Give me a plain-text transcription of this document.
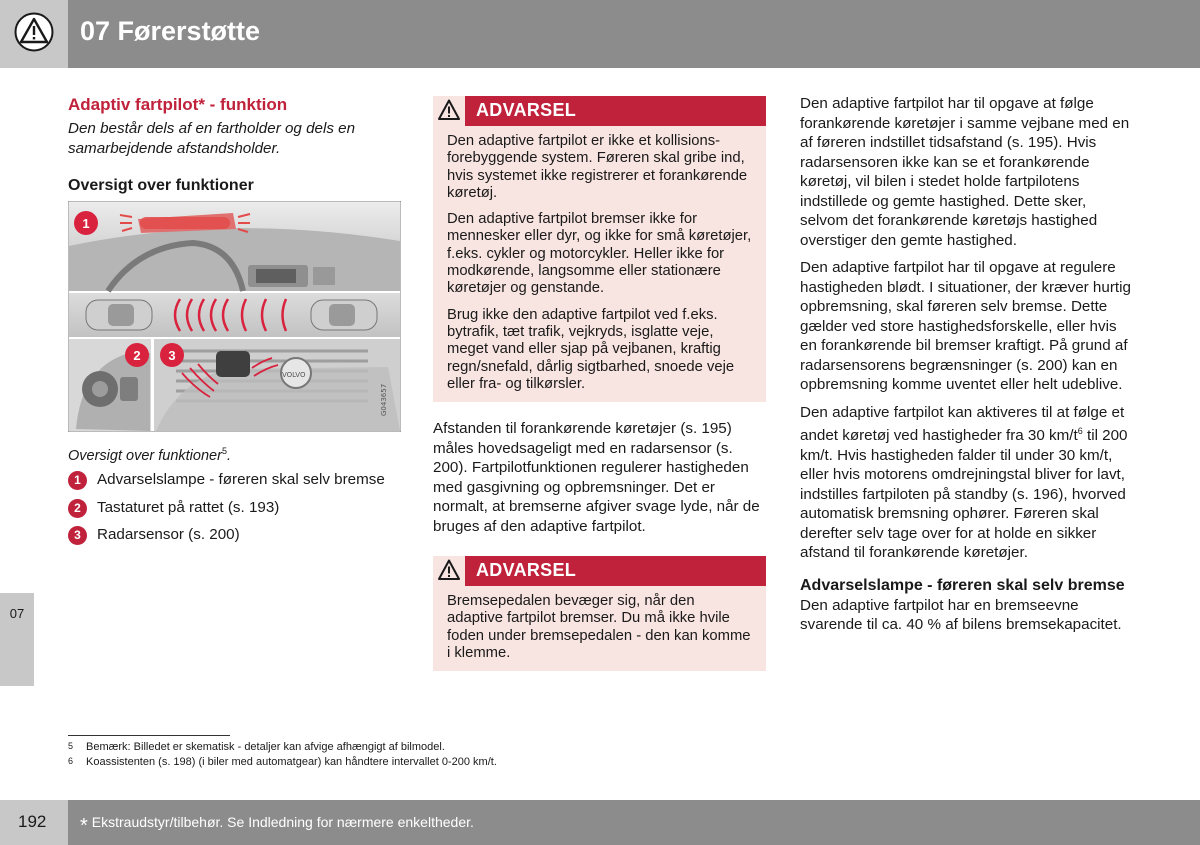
07 Førerstøtte
07
Adaptiv fartpilot* - funktion

Den består dels af en fartholder og dels en samarbejdende afstandsholder.

Oversigt over funktioner
VOLVO
G043657
1
2 3

Oversigt over funktioner$^5$.

1	Advarselslampe - føreren skal selv bremse
2	Tastaturet på rattet (s. 193)
3	Radarsensor (s. 200)
ADVARSEL

Den adaptive fartpilot er ikke et kollisionsforebyggende system. Føreren skal gribe ind, hvis systemet ikke registrerer et forankørende køretøj.

Den adaptive fartpilot bremser ikke for mennesker eller dyr, og ikke for små køretøjer, f.eks. cykler og motorcykler. Heller ikke for modkørende, langsomme eller stationære køretøjer og genstande.

Brug ikke den adaptive fartpilot ved f.eks. bytrafik, tæt trafik, vejkryds, isglatte veje, meget vand eller sjap på vejbanen, kraftig regn/snefald, dårlig sigtbarhed, snoede veje eller fra- og tilkørsler.

Afstanden til forankørende køretøjer (s. 195) måles hovedsageligt med en radarsensor (s. 200). Fartpilotfunktionen regulerer hastigheden med gasgivning og opbremsninger. Det er normalt, at bremserne afgiver svage lyde, når de bruges af den adaptive fartpilot.

ADVARSEL

Bremsepedalen bevæger sig, når den adaptive fartpilot bremser. Du må ikke hvile foden under bremsepedalen - den kan komme i klemme.

Den adaptive fartpilot har til opgave at følge forankørende køretøjer i samme vejbane med en af føreren indstillet tidsafstand (s. 195). Hvis radarsensoren ikke kan se et forankørende køretøj, vil bilen i stedet holde fartpilotens indstillede og gemte hastighed. Dette sker, selvom det forankørende køretøjs hastighed overstiger den gemte hastighed.

Den adaptive fartpilot har til opgave at regulere hastigheden blødt. I situationer, der kræver hurtig opbremsning, skal føreren selv bremse. Dette gælder ved store hastighedsforskelle, eller hvis en forankørende bil bremser kraftigt. På grund af radarsensorens begrænsninger (s. 200) kan en opbremsning komme uventet eller helt udeblive.

Den adaptive fartpilot kan aktiveres til at følge et andet køretøj ved hastigheder fra 30 $km/t^6$ til 200 km/t. Hvis hastigheden falder til under 30 km/t, eller hvis motorens omdrejningstal bliver for lavt, indstilles fartpiloten på standby (s. 196), hvorved automatisk bremsning ophører. Føreren skal derefter selv tage over for at holde en sikker afstand til forankørende køretøjer.

Advarselslampe - føreren skal selv bremse

Den adaptive fartpilot har en bremseevne svarende til ca. 40 % af bilens bremsekapacitet.

5 Bemærk: Billedet er skematisk - detaljer kan afvige afhængigt af bilmodel.
6 Koassistenten (s. 198) (i biler med automatgear) kan håndtere intervallet 0-200 km/t.
192 * Ekstraudstyr/tilbehør. Se Indledning for nærmere enkeltheder.
